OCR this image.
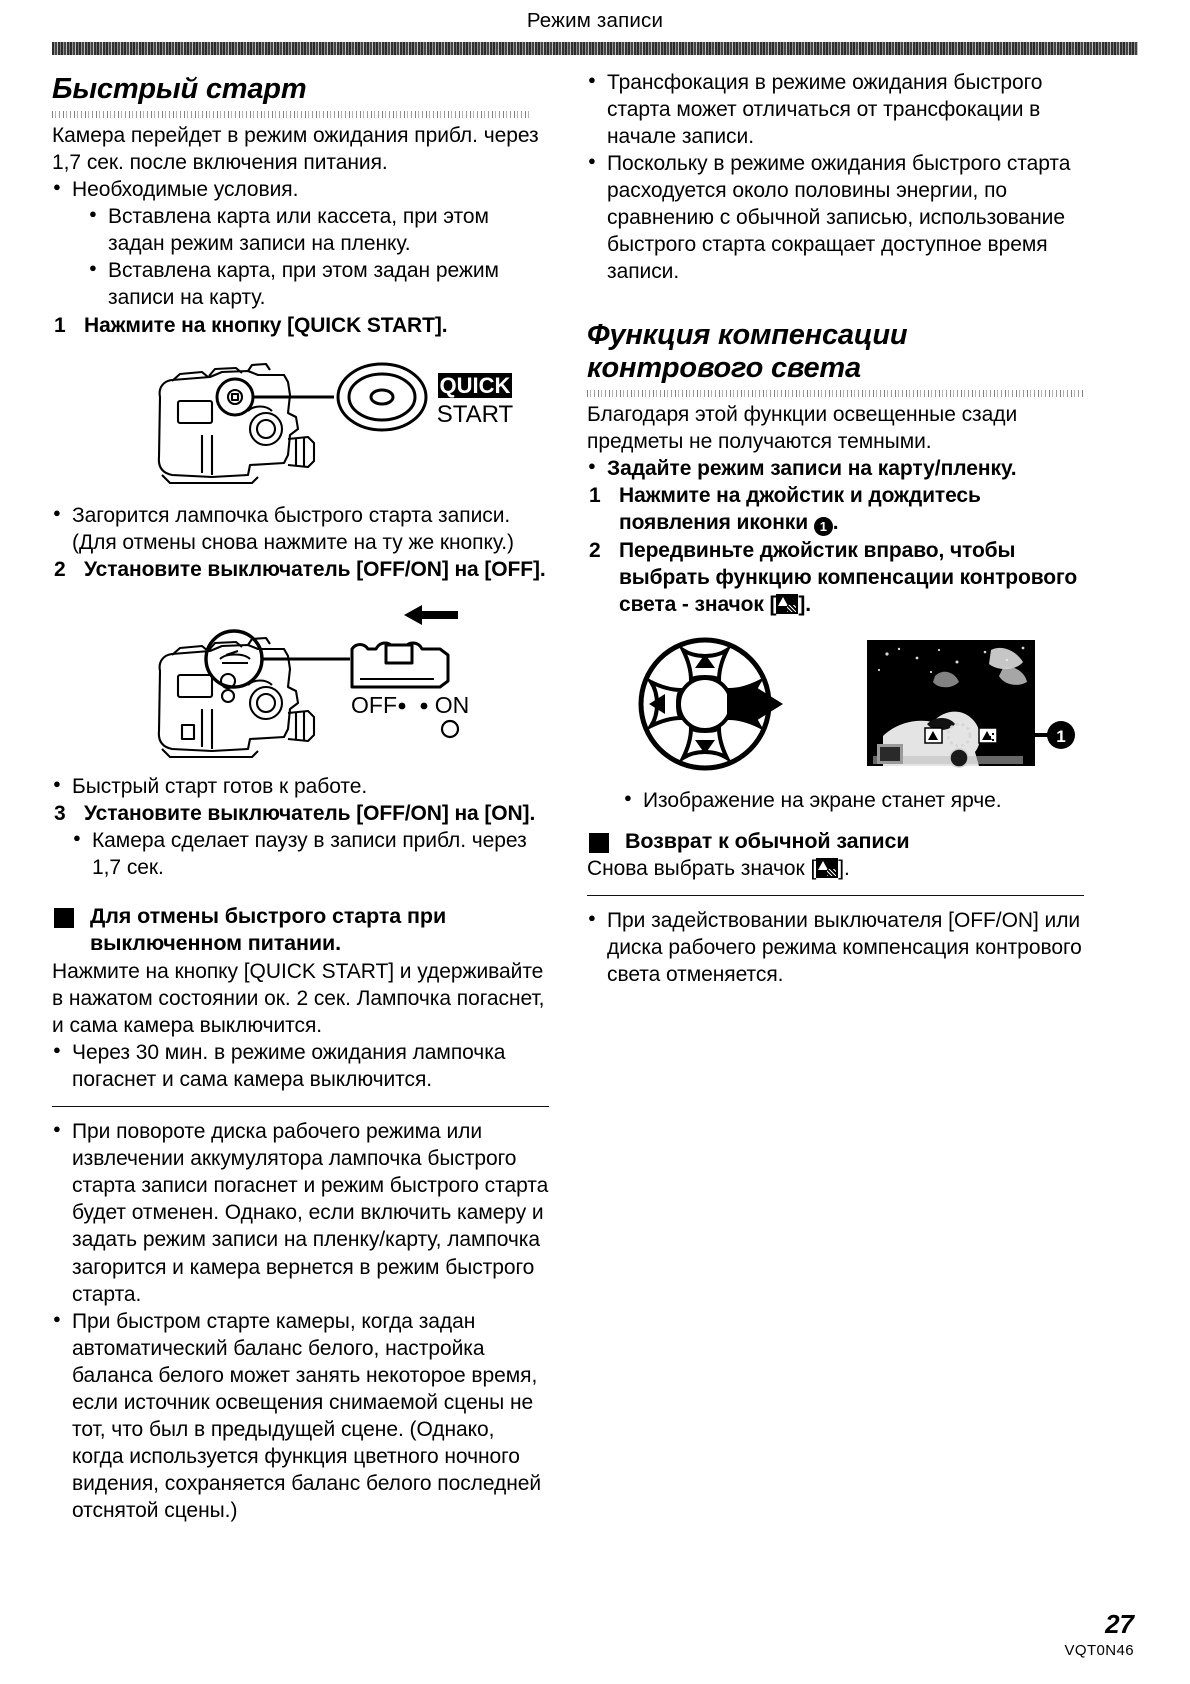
Режим записи
Быстрый старт

Камера перейдет в режим ожидания прибл. через 1,7 сек. после включения питания.

● Необходимые условия.

● Вставлена карта или кассета, при этом задан режим записи на пленку.

● Вставлена карта, при этом задан режим записи на карту.

1 Нажмите на кнопку [QUICK START].

QUICK
START

● Загорится лампочка быстрого старта записи. (Для отмены снова нажмите на ту же кнопку.)

2 Установите выключатель [OFF/ON] на [OFF].

OFF ON

● Быстрый старт готов к работе.

3 Установите выключатель [OFF/ON] на [ON].

● Камера сделает паузу в записи прибл. через 1,7 сек.

Для отмены быстрого старта при выключенном питании.

Нажмите на кнопку [QUICK START] и удерживайте в нажатом состоянии ок. 2 сек. Лампочка погаснет, и сама камера выключится.

● Через 30 мин. в режиме ожидания лампочка погаснет и сама камера выключится.

● При повороте диска рабочего режима или извлечении аккумулятора лампочка быстрого старта записи погаснет и режим быстрого старта будет отменен. Однако, если включить камеру и задать режим записи на пленку/карту, лампочка загорится и камера вернется в режим быстрого старта.

● При быстром старте камеры, когда задан автоматический баланс белого, настройка баланса белого может занять некоторое время, если источник освещения снимаемой сцены не тот, что был в предыдущей сцене. (Однако, когда используется функция цветного ночного видения, сохраняется баланс белого последней отснятой сцены.)

● Трансфокация в режиме ожидания быстрого старта может отличаться от трансфокации в начале записи.

● Поскольку в режиме ожидания быстрого старта расходуется около половины энергии, по сравнению с обычной записью, использование быстрого старта сокращает доступное время записи.

Функция компенсации контрового света

Благодаря этой функции освещенные сзади предметы не получаются темными.

● Задайте режим записи на карту/пленку.

1 Нажмите на джойстик и дождитесь появления иконки 1 .

2 Передвиньте джойстик вправо, чтобы выбрать функцию компенсации контрового света - значок [ ].

1

● Изображение на экране станет ярче.

Возврат к обычной записи

Снова выбрать значок [ ].

● При задействовании выключателя [OFF/ON] или диска рабочего режима компенсация контрового света отменяется.

27
VQT0N46
